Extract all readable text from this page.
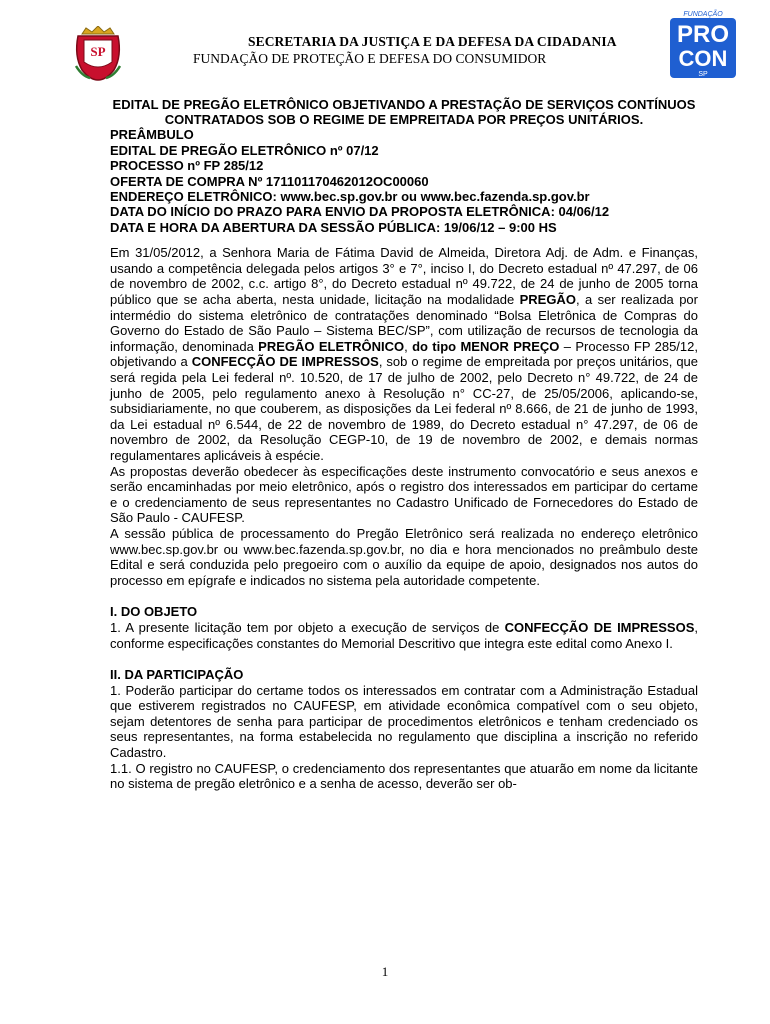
SP
SECRETARIA DA JUSTIÇA E DA DEFESA DA CIDADANIA
FUNDAÇÃO DE PROTEÇÃO E DEFESA DO CONSUMIDOR
FUNDAÇÃO
PRO
CON
SP
EDITAL DE PREGÃO ELETRÔNICO OBJETIVANDO A PRESTAÇÃO DE SERVIÇOS CONTÍNUOS CONTRATADOS SOB O REGIME DE EMPREITADA POR PREÇOS UNITÁRIOS.
PREÂMBULO
EDITAL DE PREGÃO ELETRÔNICO nº 07/12
PROCESSO nº FP 285/12
OFERTA DE COMPRA Nº 171101170462012OC00060
ENDEREÇO ELETRÔNICO: www.bec.sp.gov.br ou www.bec.fazenda.sp.gov.br
DATA DO INÍCIO DO PRAZO PARA ENVIO DA PROPOSTA ELETRÔNICA: 04/06/12
DATA E HORA DA ABERTURA DA SESSÃO PÚBLICA: 19/06/12 – 9:00 HS

Em 31/05/2012, a Senhora Maria de Fátima David de Almeida, Diretora Adj. de Adm. e Finanças, usando a competência delegada pelos artigos 3° e 7°, inciso I, do Decreto estadual nº 47.297, de 06 de novembro de 2002, c.c. artigo 8°, do Decreto estadual nº 49.722, de 24 de junho de 2005 torna público que se acha aberta, nesta unidade, licitação na modalidade PREGÃO, a ser realizada por intermédio do sistema eletrônico de contratações denominado “Bolsa Eletrônica de Compras do Governo do Estado de São Paulo – Sistema BEC/SP”, com utilização de recursos de tecnologia da informação, denominada PREGÃO ELETRÔNICO, do tipo MENOR PREÇO – Processo FP 285/12, objetivando a CONFECÇÃO DE IMPRESSOS, sob o regime de empreitada por preços unitários, que será regida pela Lei federal nº. 10.520, de 17 de julho de 2002, pelo Decreto n° 49.722, de 24 de junho de 2005, pelo regulamento anexo à Resolução n° CC-27, de 25/05/2006, aplicando-se, subsidiariamente, no que couberem, as disposições da Lei federal nº 8.666, de 21 de junho de 1993, da Lei estadual nº 6.544, de 22 de novembro de 1989, do Decreto estadual n° 47.297, de 06 de novembro de 2002, da Resolução CEGP-10, de 19 de novembro de 2002, e demais normas regulamentares aplicáveis à espécie.

As propostas deverão obedecer às especificações deste instrumento convocatório e seus anexos e serão encaminhadas por meio eletrônico, após o registro dos interessados em participar do certame e o credenciamento de seus representantes no Cadastro Unificado de Fornecedores do Estado de São Paulo - CAUFESP.

A sessão pública de processamento do Pregão Eletrônico será realizada no endereço eletrônico www.bec.sp.gov.br ou www.bec.fazenda.sp.gov.br, no dia e hora mencionados no preâmbulo deste Edital e será conduzida pelo pregoeiro com o auxílio da equipe de apoio, designados nos autos do processo em epígrafe e indicados no sistema pela autoridade competente.

I. DO OBJETO

1. A presente licitação tem por objeto a execução de serviços de CONFECÇÃO DE IMPRESSOS, conforme especificações constantes do Memorial Descritivo que integra este edital como Anexo I.

II. DA PARTICIPAÇÃO

1. Poderão participar do certame todos os interessados em contratar com a Administração Estadual que estiverem registrados no CAUFESP, em atividade econômica compatível com o seu objeto, sejam detentores de senha para participar de procedimentos eletrônicos e tenham credenciado os seus representantes, na forma estabelecida no regulamento que disciplina a inscrição no referido Cadastro.

1.1. O registro no CAUFESP, o credenciamento dos representantes que atuarão em nome da licitante no sistema de pregão eletrônico e a senha de acesso, deverão ser ob-

1
